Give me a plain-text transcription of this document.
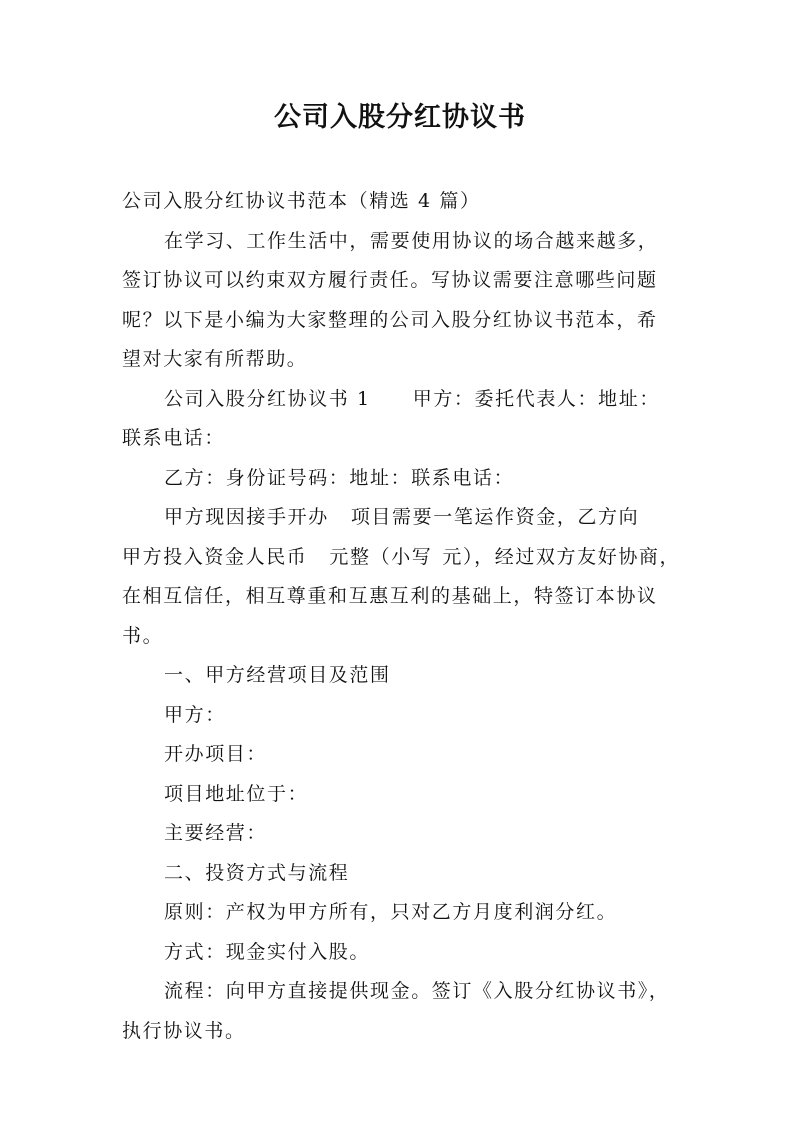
公司入股分红协议书
公司入股分红协议书范本（精选 4 篇）
在学习、工作生活中，需要使用协议的场合越来越多，
签订协议可以约束双方履行责任。写协议需要注意哪些问题
呢？以下是小编为大家整理的公司入股分红协议书范本，希
望对大家有所帮助。
公司入股分红协议书 1 甲方：委托代表人：地址：
联系电话：
乙方：身份证号码：地址：联系电话：
甲方现因接手开办 项目需要一笔运作资金，乙方向
甲方投入资金人民币 元整（小写 元），经过双方友好协商，
在相互信任，相互尊重和互惠互利的基础上，特签订本协议
书。
一、甲方经营项目及范围
甲方：
开办项目：
项目地址位于：
主要经营：
二、投资方式与流程
原则：产权为甲方所有，只对乙方月度利润分红。
方式：现金实付入股。
流程：向甲方直接提供现金。签订《入股分红协议书》，
执行协议书。
